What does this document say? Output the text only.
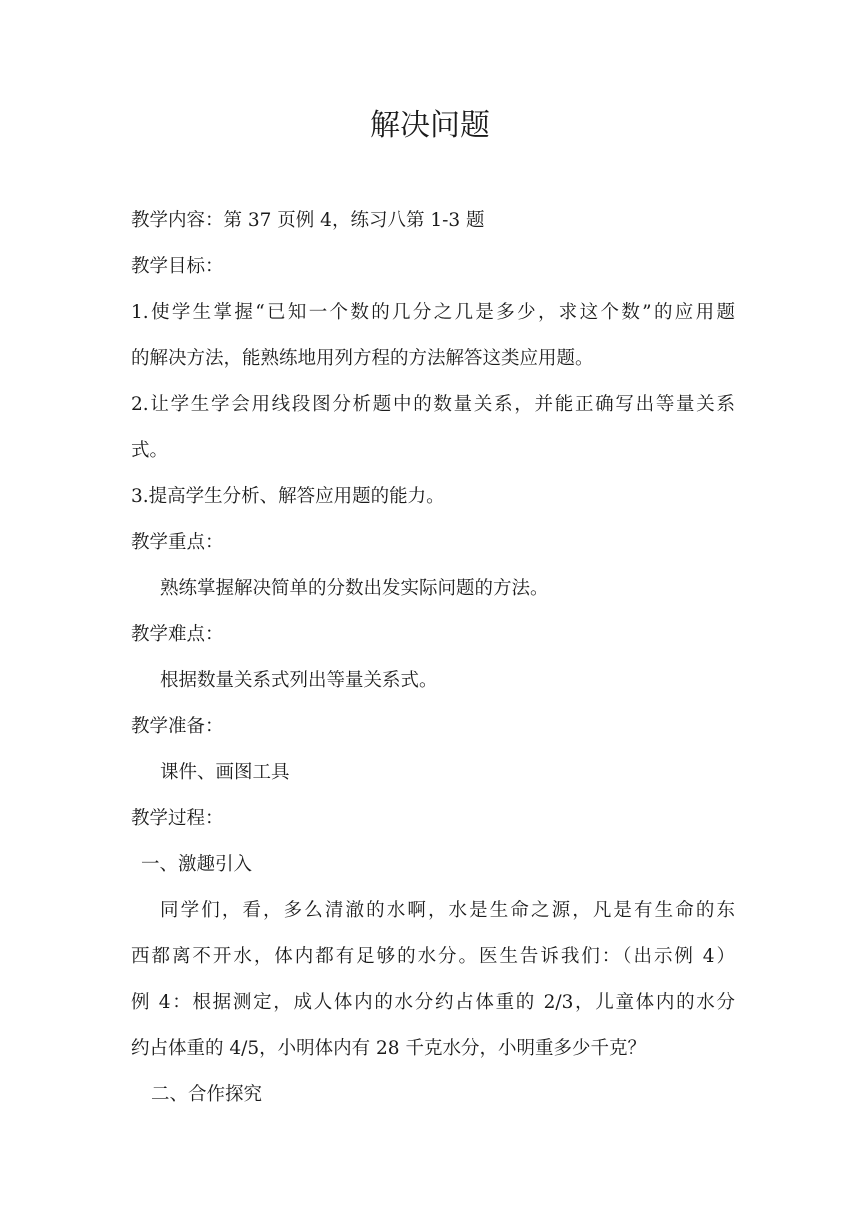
解决问题

教学内容：第 37 页例 4，练习八第 1-3 题

教学目标：

1.使学生掌握“已知一个数的几分之几是多少，求这个数”的应用题

的解决方法，能熟练地用列方程的方法解答这类应用题。

2.让学生学会用线段图分析题中的数量关系，并能正确写出等量关系

式。

3.提高学生分析、解答应用题的能力。

教学重点：

熟练掌握解决简单的分数出发实际问题的方法。

教学难点：

根据数量关系式列出等量关系式。

教学准备：

课件、画图工具

教学过程：

一、激趣引入

同学们，看，多么清澈的水啊，水是生命之源，凡是有生命的东

西都离不开水，体内都有足够的水分。医生告诉我们：（出示例 4）

例 4：根据测定，成人体内的水分约占体重的 2/3，儿童体内的水分

约占体重的 4/5，小明体内有 28 千克水分，小明重多少千克？

二、合作探究
